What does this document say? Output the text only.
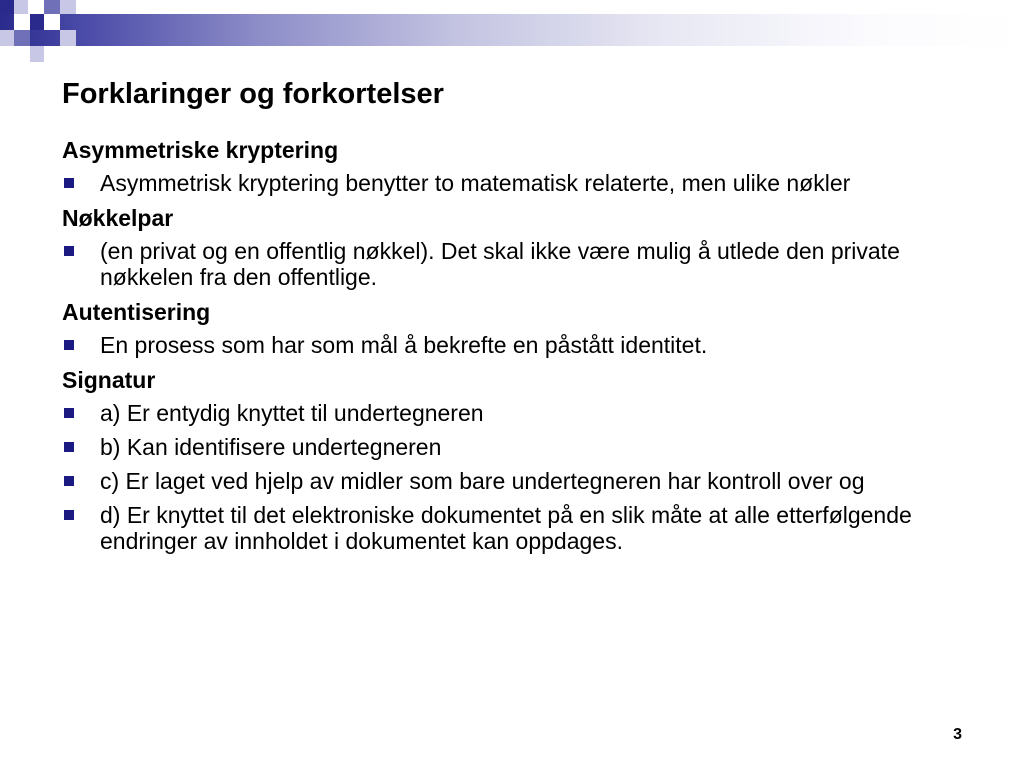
Forklaringer og forkortelser
Asymmetriske kryptering
Asymmetrisk kryptering benytter to matematisk relaterte, men ulike nøkler
Nøkkelpar
(en privat og en offentlig nøkkel). Det skal ikke være mulig å utlede den private nøkkelen fra den offentlige.
Autentisering
En prosess som har som mål å bekrefte en påstått identitet.
Signatur
a) Er entydig knyttet til undertegneren
b) Kan identifisere undertegneren
c) Er laget ved hjelp av midler som bare undertegneren har kontroll over og
d) Er knyttet til det elektroniske dokumentet på en slik måte at alle etterfølgende endringer av innholdet i dokumentet kan oppdages.
3
